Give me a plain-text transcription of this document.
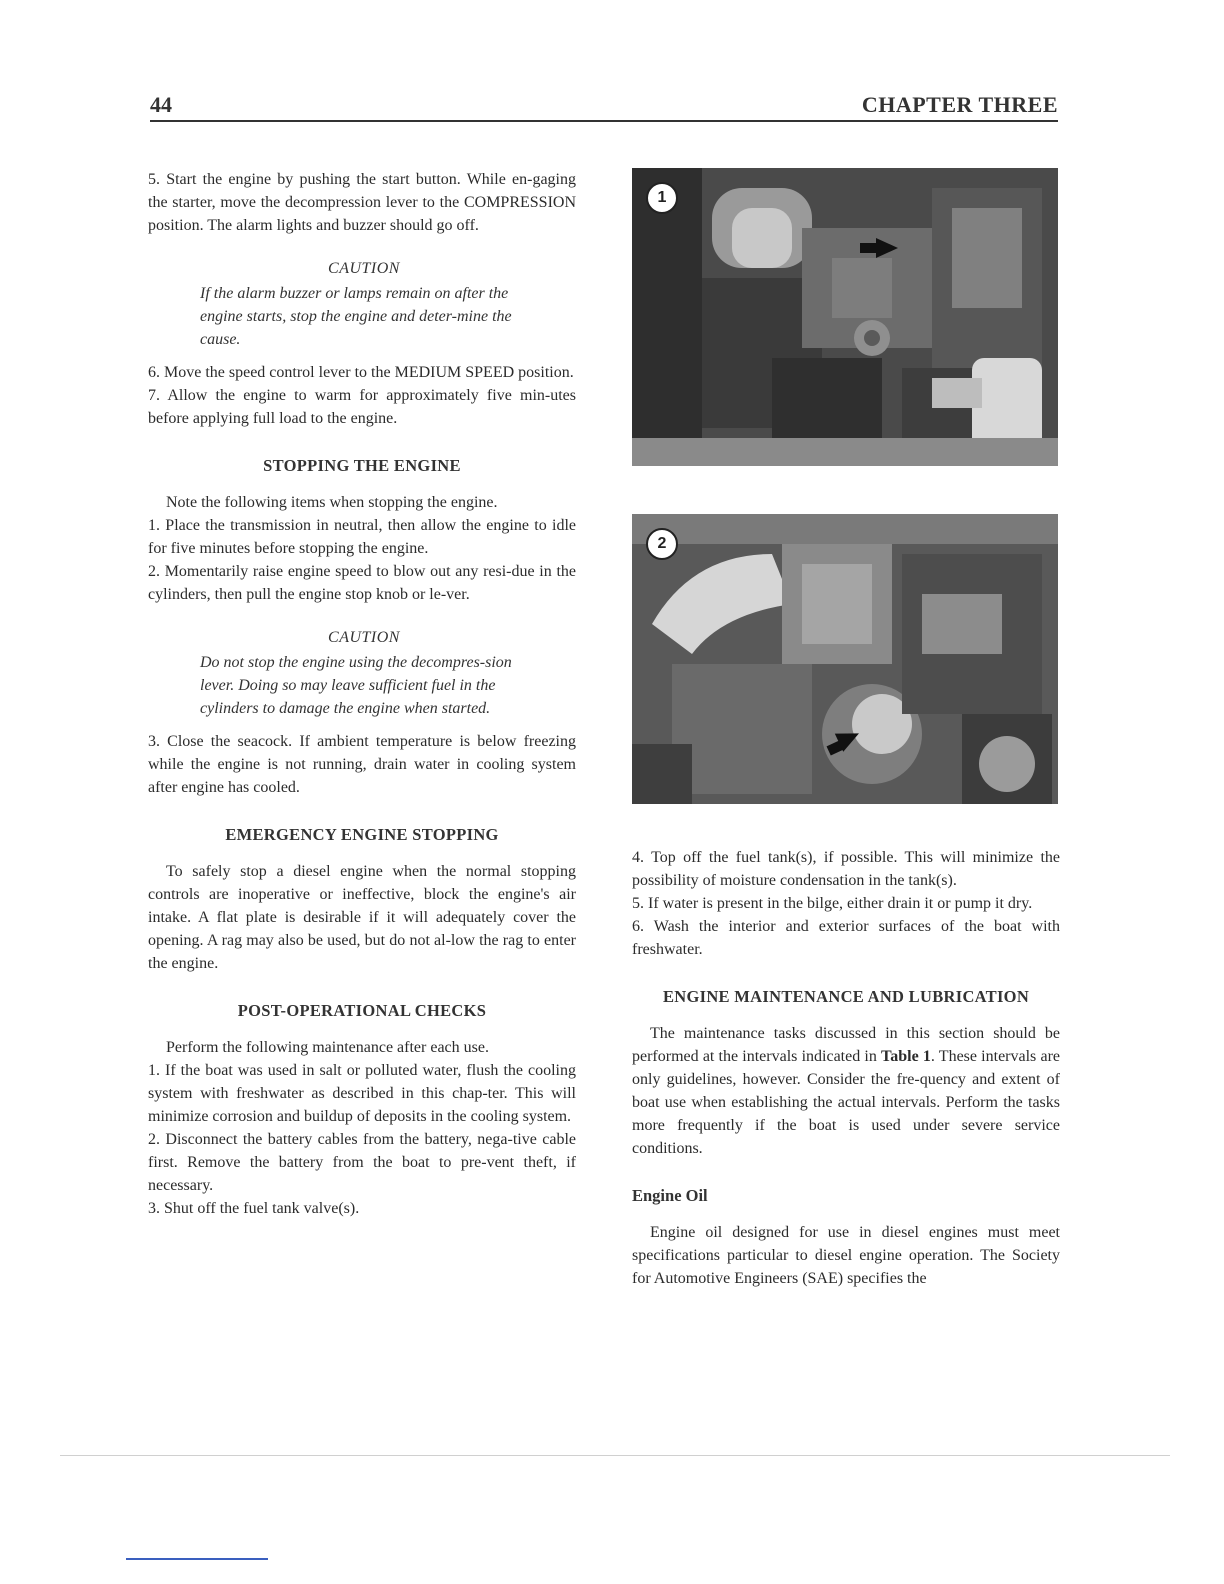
44	CHAPTER THREE

5. Start the engine by pushing the start button. While en-gaging the starter, move the decompression lever to the COMPRESSION position. The alarm lights and buzzer should go off.

CAUTION
If the alarm buzzer or lamps remain on after the engine starts, stop the engine and deter-mine the cause.

6. Move the speed control lever to the MEDIUM SPEED position.

7. Allow the engine to warm for approximately five min-utes before applying full load to the engine.

STOPPING THE ENGINE

Note the following items when stopping the engine.

1. Place the transmission in neutral, then allow the engine to idle for five minutes before stopping the engine.

2. Momentarily raise engine speed to blow out any resi-due in the cylinders, then pull the engine stop knob or le-ver.

CAUTION
Do not stop the engine using the decompres-sion lever. Doing so may leave sufficient fuel in the cylinders to damage the engine when started.

3. Close the seacock. If ambient temperature is below freezing while the engine is not running, drain water in cooling system after engine has cooled.

EMERGENCY ENGINE STOPPING

To safely stop a diesel engine when the normal stopping controls are inoperative or ineffective, block the engine's air intake. A flat plate is desirable if it will adequately cover the opening. A rag may also be used, but do not al-low the rag to enter the engine.

POST-OPERATIONAL CHECKS

Perform the following maintenance after each use.

1. If the boat was used in salt or polluted water, flush the cooling system with freshwater as described in this chap-ter. This will minimize corrosion and buildup of deposits in the cooling system.

2. Disconnect the battery cables from the battery, nega-tive cable first. Remove the battery from the boat to pre-vent theft, if necessary.

3. Shut off the fuel tank valve(s).

1
2

4. Top off the fuel tank(s), if possible. This will minimize the possibility of moisture condensation in the tank(s).

5. If water is present in the bilge, either drain it or pump it dry.

6. Wash the interior and exterior surfaces of the boat with freshwater.

ENGINE MAINTENANCE AND LUBRICATION

The maintenance tasks discussed in this section should be performed at the intervals indicated in Table 1. These intervals are only guidelines, however. Consider the fre-quency and extent of boat use when establishing the actual intervals. Perform the tasks more frequently if the boat is used under severe service conditions.

Engine Oil

Engine oil designed for use in diesel engines must meet specifications particular to diesel engine operation. The Society for Automotive Engineers (SAE) specifies the
